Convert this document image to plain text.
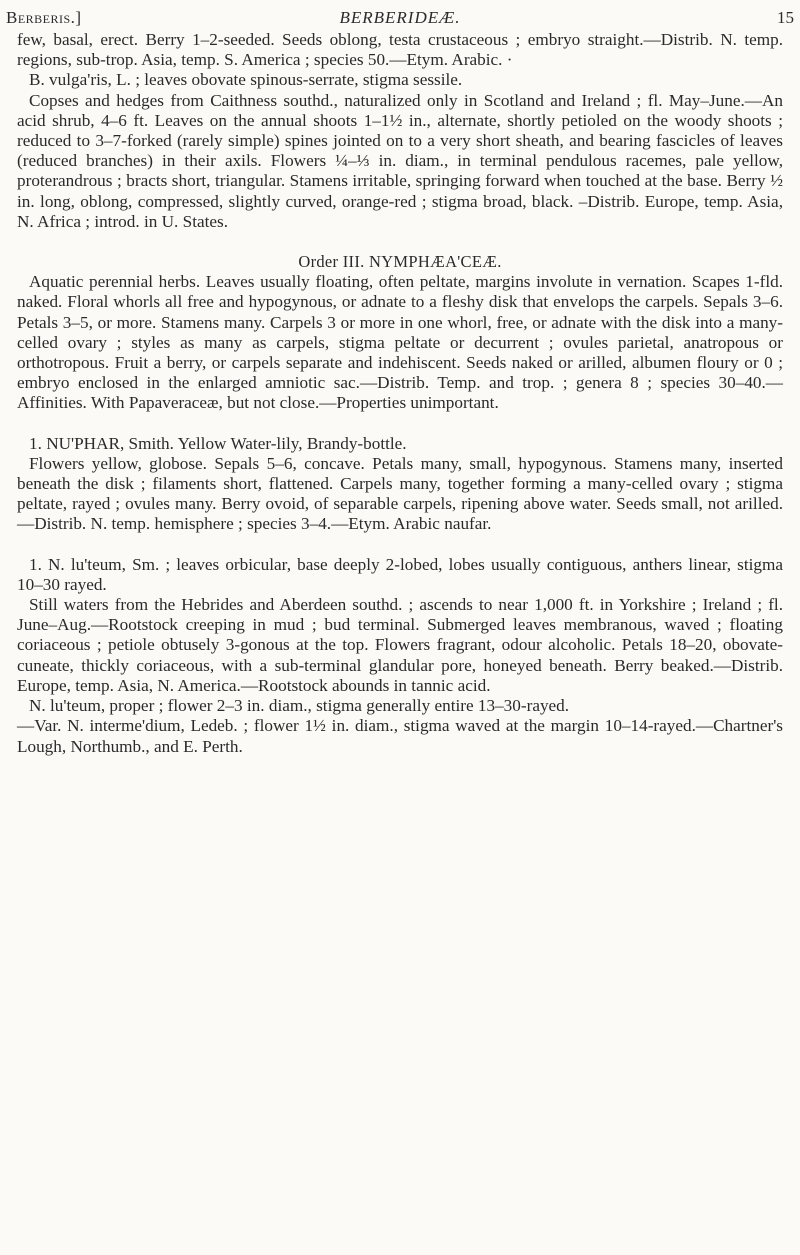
Berberis.]	BERBERIDEÆ.	15

few, basal, erect. Berry 1–2-seeded. Seeds oblong, testa crustaceous ; embryo straight.—Distrib. N. temp. regions, sub-trop. Asia, temp. S. America ; species 50.—Etym. Arabic. ·

B. vulga'ris, L. ; leaves obovate spinous-serrate, stigma sessile.

Copses and hedges from Caithness southd., naturalized only in Scotland and Ireland ; fl. May–June.—An acid shrub, 4–6 ft. Leaves on the annual shoots 1–1½ in., alternate, shortly petioled on the woody shoots ; reduced to 3–7-forked (rarely simple) spines jointed on to a very short sheath, and bearing fascicles of leaves (reduced branches) in their axils. Flowers ¼–⅓ in. diam., in terminal pendulous racemes, pale yellow, proterandrous ; bracts short, triangular. Stamens irritable, springing forward when touched at the base. Berry ½ in. long, oblong, compressed, slightly curved, orange-red ; stigma broad, black. –Distrib. Europe, temp. Asia, N. Africa ; introd. in U. States.

Order III. NYMPHÆA'CEÆ.

Aquatic perennial herbs. Leaves usually floating, often peltate, margins involute in vernation. Scapes 1-fld. naked. Floral whorls all free and hypogynous, or adnate to a fleshy disk that envelops the carpels. Sepals 3–6. Petals 3–5, or more. Stamens many. Carpels 3 or more in one whorl, free, or adnate with the disk into a many-celled ovary ; styles as many as carpels, stigma peltate or decurrent ; ovules parietal, anatropous or orthotropous. Fruit a berry, or carpels separate and indehiscent. Seeds naked or arilled, albumen floury or 0 ; embryo enclosed in the enlarged amniotic sac.—Distrib. Temp. and trop. ; genera 8 ; species 30–40.—Affinities. With Papaveraceæ, but not close.—Properties unimportant.

1. NU'PHAR, Smith. Yellow Water-lily, Brandy-bottle.

Flowers yellow, globose. Sepals 5–6, concave. Petals many, small, hypogynous. Stamens many, inserted beneath the disk ; filaments short, flattened. Carpels many, together forming a many-celled ovary ; stigma peltate, rayed ; ovules many. Berry ovoid, of separable carpels, ripening above water. Seeds small, not arilled.—Distrib. N. temp. hemisphere ; species 3–4.—Etym. Arabic naufar.

1. N. lu'teum, Sm. ; leaves orbicular, base deeply 2-lobed, lobes usually contiguous, anthers linear, stigma 10–30 rayed.

Still waters from the Hebrides and Aberdeen southd. ; ascends to near 1,000 ft. in Yorkshire ; Ireland ; fl. June–Aug.—Rootstock creeping in mud ; bud terminal. Submerged leaves membranous, waved ; floating coriaceous ; petiole obtusely 3-gonous at the top. Flowers fragrant, odour alcoholic. Petals 18–20, obovate-cuneate, thickly coriaceous, with a sub-terminal glandular pore, honeyed beneath. Berry beaked.—Distrib. Europe, temp. Asia, N. America.—Rootstock abounds in tannic acid.

N. lu'teum, proper ; flower 2–3 in. diam., stigma generally entire 13–30-rayed.

—Var. N. interme'dium, Ledeb. ; flower 1½ in. diam., stigma waved at the margin 10–14-rayed.—Chartner's Lough, Northumb., and E. Perth.
